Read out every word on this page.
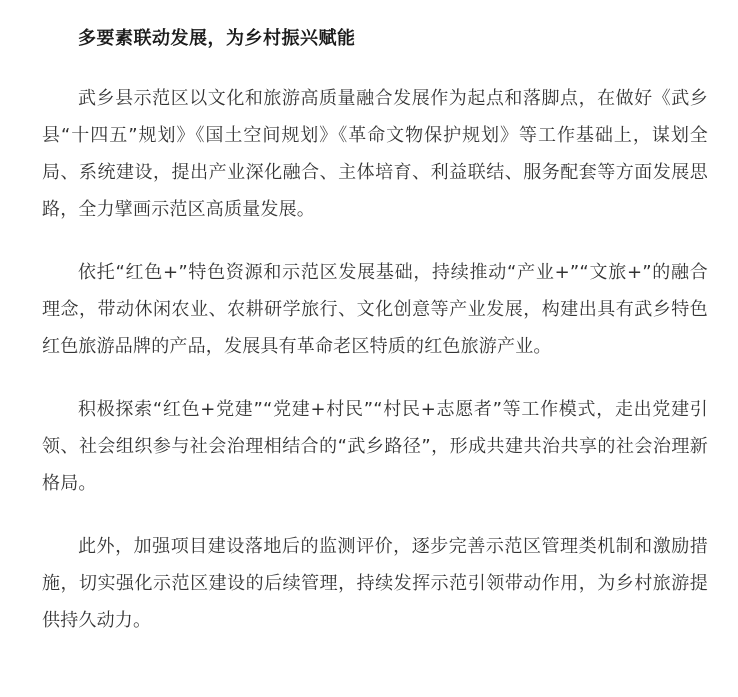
多要素联动发展，为乡村振兴赋能

武乡县示范区以文化和旅游高质量融合发展作为起点和落脚点，在做好《武乡县“十四五”规划》《国土空间规划》《革命文物保护规划》等工作基础上，谋划全局、系统建设，提出产业深化融合、主体培育、利益联结、服务配套等方面发展思路，全力擘画示范区高质量发展。

依托“红色+”特色资源和示范区发展基础，持续推动“产业+”“文旅+”的融合理念，带动休闲农业、农耕研学旅行、文化创意等产业发展，构建出具有武乡特色红色旅游品牌的产品，发展具有革命老区特质的红色旅游产业。

积极探索“红色+党建”“党建+村民”“村民+志愿者”等工作模式，走出党建引领、社会组织参与社会治理相结合的“武乡路径”，形成共建共治共享的社会治理新格局。

此外，加强项目建设落地后的监测评价，逐步完善示范区管理类机制和激励措施，切实强化示范区建设的后续管理，持续发挥示范引领带动作用，为乡村旅游提供持久动力。
